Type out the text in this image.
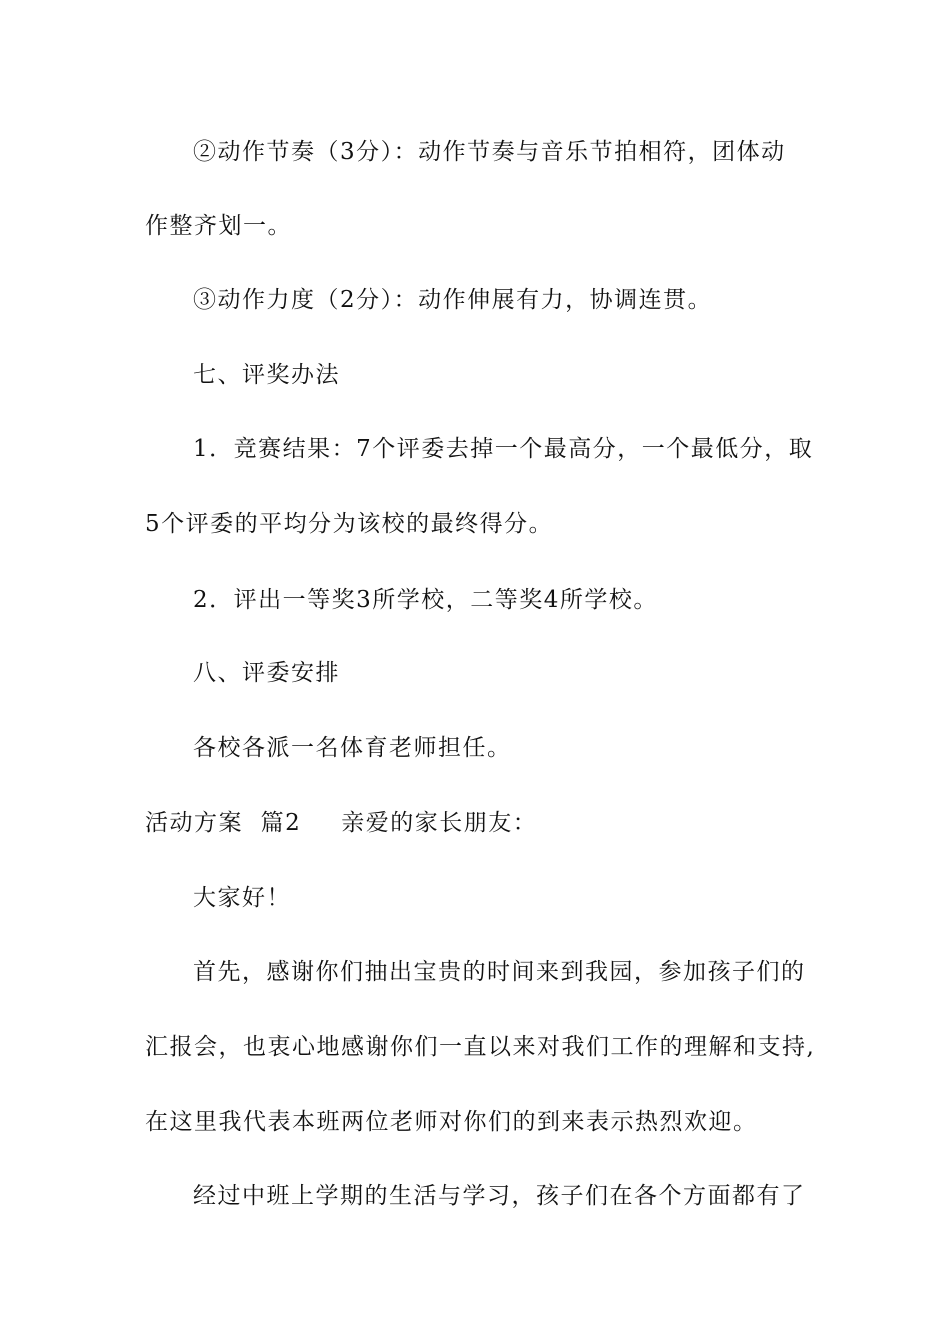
②动作节奏（3分）：动作节奏与音乐节拍相符，团体动
作整齐划一。
③动作力度（2分）：动作伸展有力，协调连贯。
七、评奖办法
1．竞赛结果：7个评委去掉一个最高分，一个最低分，取
5个评委的平均分为该校的最终得分。
2．评出一等奖3所学校，二等奖4所学校。
八、评委安排
各校各派一名体育老师担任。
活动方案  篇2 亲爱的家长朋友：
大家好！
首先，感谢你们抽出宝贵的时间来到我园，参加孩子们的
汇报会，也衷心地感谢你们一直以来对我们工作的理解和支持,
在这里我代表本班两位老师对你们的到来表示热烈欢迎。
经过中班上学期的生活与学习，孩子们在各个方面都有了
